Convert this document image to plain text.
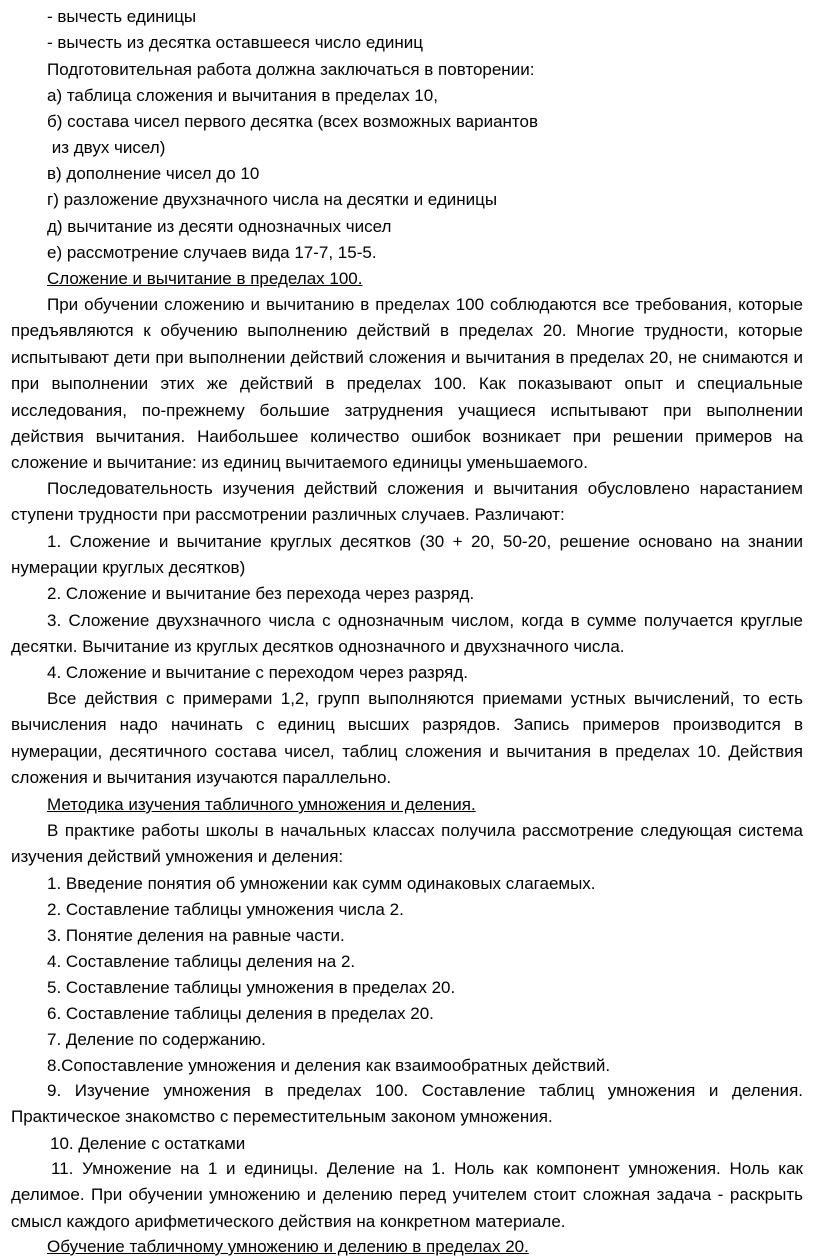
- вычесть единицы
- вычесть из десятка оставшееся число единиц
Подготовительная работа должна заключаться в повторении:
а) таблица сложения и вычитания в пределах 10,
б) состава чисел первого десятка (всех возможных вариантов
из двух чисел)
в) дополнение чисел до 10
г) разложение двухзначного числа на десятки и единицы
д) вычитание из десяти однозначных чисел
е) рассмотрение случаев вида 17-7, 15-5.
Сложение и вычитание в пределах 100.
При обучении сложению и вычитанию в пределах 100 соблюдаются все требования, которые предъявляются к обучению выполнению действий в пределах 20. Многие трудности, которые испытывают дети при выполнении действий сложения и вычитания в пределах 20, не снимаются и при выполнении этих же действий в пределах 100. Как показывают опыт и специальные исследования, по-прежнему большие затруднения учащиеся испытывают при выполнении действия вычитания. Наибольшее количество ошибок возникает при решении примеров на сложение и вычитание: из единиц вычитаемого единицы уменьшаемого.
Последовательность изучения действий сложения и вычитания обусловлено нарастанием ступени трудности при рассмотрении различных случаев. Различают:
1. Сложение и вычитание круглых десятков (30 + 20, 50-20, решение основано на знании нумерации круглых десятков)
2. Сложение и вычитание без перехода через разряд.
3. Сложение двухзначного числа с однозначным числом, когда в сумме получается круглые десятки. Вычитание из круглых десятков однозначного и двухзначного числа.
4. Сложение и вычитание с переходом через разряд.
Все действия с примерами 1,2, групп выполняются приемами устных вычислений, то есть вычисления надо начинать с единиц высших разрядов. Запись примеров производится в нумерации, десятичного состава чисел, таблиц сложения и вычитания в пределах 10. Действия сложения и вычитания изучаются параллельно.
Методика изучения табличного умножения и деления.
В практике работы школы в начальных классах получила рассмотрение следующая система изучения действий умножения и деления:
1. Введение понятия об умножении как сумм одинаковых слагаемых.
2. Составление таблицы умножения числа 2.
3. Понятие деления на равные части.
4. Составление таблицы деления на 2.
5. Составление таблицы умножения в пределах 20.
6. Составление таблицы деления в пределах 20.
7. Деление по содержанию.
8.Сопоставление умножения и деления как взаимообратных действий.
9. Изучение умножения в пределах 100. Составление таблиц умножения и деления. Практическое знакомство с переместительным законом умножения.
10. Деление с остатками
11. Умножение на 1 и единицы. Деление на 1. Ноль как компонент умножения. Ноль как делимое. При обучении умножению и делению перед учителем стоит сложная задача - раскрыть смысл каждого арифметического действия на конкретном материале.
Обучение табличному умножению и делению в пределах 20.
